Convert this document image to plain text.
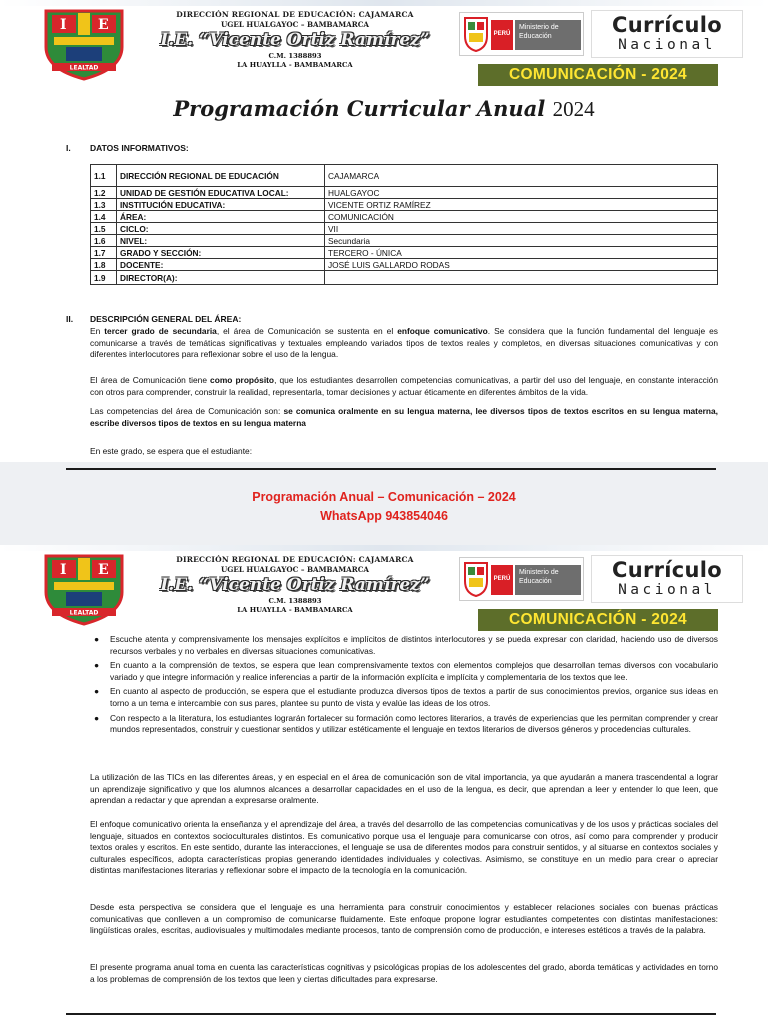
I E
LEALTAD
DIRECCIÓN REGIONAL DE EDUCACIÓN: CAJAMARCA
UGEL HUALGAYOC – BAMBAMARCA
I.E. “Vicente Ortiz Ramírez”
C.M. 1388893
LA HUAYLLA - BAMBAMARCA
PERÚ
Ministerio de Educación	Currículo
Nacional
COMUNICACIÓN - 2024
Programación Curricular Anual 2024
I. DATOS INFORMATIVOS:
1.1	DIRECCIÓN REGIONAL DE EDUCACIÓN	CAJAMARCA
1.2	UNIDAD DE GESTIÓN EDUCATIVA LOCAL:	HUALGAYOC
1.3	INSTITUCIÓN EDUCATIVA:	VICENTE ORTIZ RAMÍREZ
1.4	ÁREA:	COMUNICACIÓN
1.5	CICLO:	VII
1.6	NIVEL:	Secundaria
1.7	GRADO Y SECCIÓN:	TERCERO - ÚNICA
1.8	DOCENTE:	JOSÉ LUIS GALLARDO RODAS
1.9	DIRECTOR(A):	
II. DESCRIPCIÓN GENERAL DEL ÁREA:
En tercer grado de secundaria, el área de Comunicación se sustenta en el enfoque comunicativo. Se considera que la función fundamental del lenguaje es comunicarse a través de temáticas significativas y textuales empleando variados tipos de textos reales y completos, en diversas situaciones comunicativas y con diferentes interlocutores para reflexionar sobre el uso de la lengua.
El área de Comunicación tiene como propósito, que los estudiantes desarrollen competencias comunicativas, a partir del uso del lenguaje, en constante interacción con otros para comprender, construir la realidad, representarla, tomar decisiones y actuar éticamente en diferentes ámbitos de la vida.
Las competencias del área de Comunicación son: se comunica oralmente en su lengua materna, lee diversos tipos de textos escritos en su lengua materna, escribe diversos tipos de textos en su lengua materna
En este grado, se espera que el estudiante:
Programación Anual – Comunicación – 2024
WhatsApp 943854046
I E
LEALTAD
DIRECCIÓN REGIONAL DE EDUCACIÓN: CAJAMARCA
UGEL HUALGAYOC – BAMBAMARCA
I.E. “Vicente Ortiz Ramírez”
C.M. 1388893
LA HUAYLLA - BAMBAMARCA
PERÚ
Ministerio de Educación	Currículo
Nacional
COMUNICACIÓN - 2024
● Escuche atenta y comprensivamente los mensajes explícitos e implícitos de distintos interlocutores y se pueda expresar con claridad, haciendo uso de diversos recursos verbales y no verbales en diversas situaciones comunicativas.
● En cuanto a la comprensión de textos, se espera que lean comprensivamente textos con elementos complejos que desarrollan temas diversos con vocabulario variado y que integre información y realice inferencias a partir de la información explícita e implícita y complementaria de los textos que lee.
● En cuanto al aspecto de producción, se espera que el estudiante produzca diversos tipos de textos a partir de sus conocimientos previos, organice sus ideas en torno a un tema e intercambie con sus pares, plantee su punto de vista y evalúe las ideas de los otros.
● Con respecto a la literatura, los estudiantes lograrán fortalecer su formación como lectores literarios, a través de experiencias que les permitan comprender y crear mundos representados, construir y cuestionar sentidos y utilizar estéticamente el lenguaje en textos literarios de diversos géneros y procedencias culturales.
La utilización de las TICs en las diferentes áreas, y en especial en el área de comunicación son de vital importancia, ya que ayudarán a manera trascendental a lograr un aprendizaje significativo y que los alumnos alcances a desarrollar capacidades en el uso de la lengua, es decir, que aprendan a leer y entender lo que leen, que aprendan a redactar y que aprendan a expresarse oralmente.
El enfoque comunicativo orienta la enseñanza y el aprendizaje del área, a través del desarrollo de las competencias comunicativas y de los usos y prácticas sociales del lenguaje, situados en contextos socioculturales distintos. Es comunicativo porque usa el lenguaje para comunicarse con otros, así como para comprender y producir textos orales y escritos. En este sentido, durante las interacciones, el lenguaje se usa de diferentes modos para construir sentidos, y al situarse en contextos sociales y culturales específicos, adopta características propias generando identidades individuales y colectivas. Asimismo, se constituye en un medio para crear o apreciar distintas manifestaciones literarias y reflexionar sobre el impacto de la tecnología en la comunicación.
Desde esta perspectiva se considera que el lenguaje es una herramienta para construir conocimientos y establecer relaciones sociales con buenas prácticas comunicativas que conlleven a un compromiso de comunicarse fluidamente. Este enfoque propone lograr estudiantes competentes con distintas manifestaciones: lingüísticas orales, escritas, audiovisuales y multimodales mediante procesos, tanto de comprensión como de producción, e intereses estéticos a través de la palabra.
El presente programa anual toma en cuenta las características cognitivas y psicológicas propias de los adolescentes del grado, aborda temáticas y actividades en torno a los problemas de comprensión de los textos que leen y ciertas dificultades para expresarse.
